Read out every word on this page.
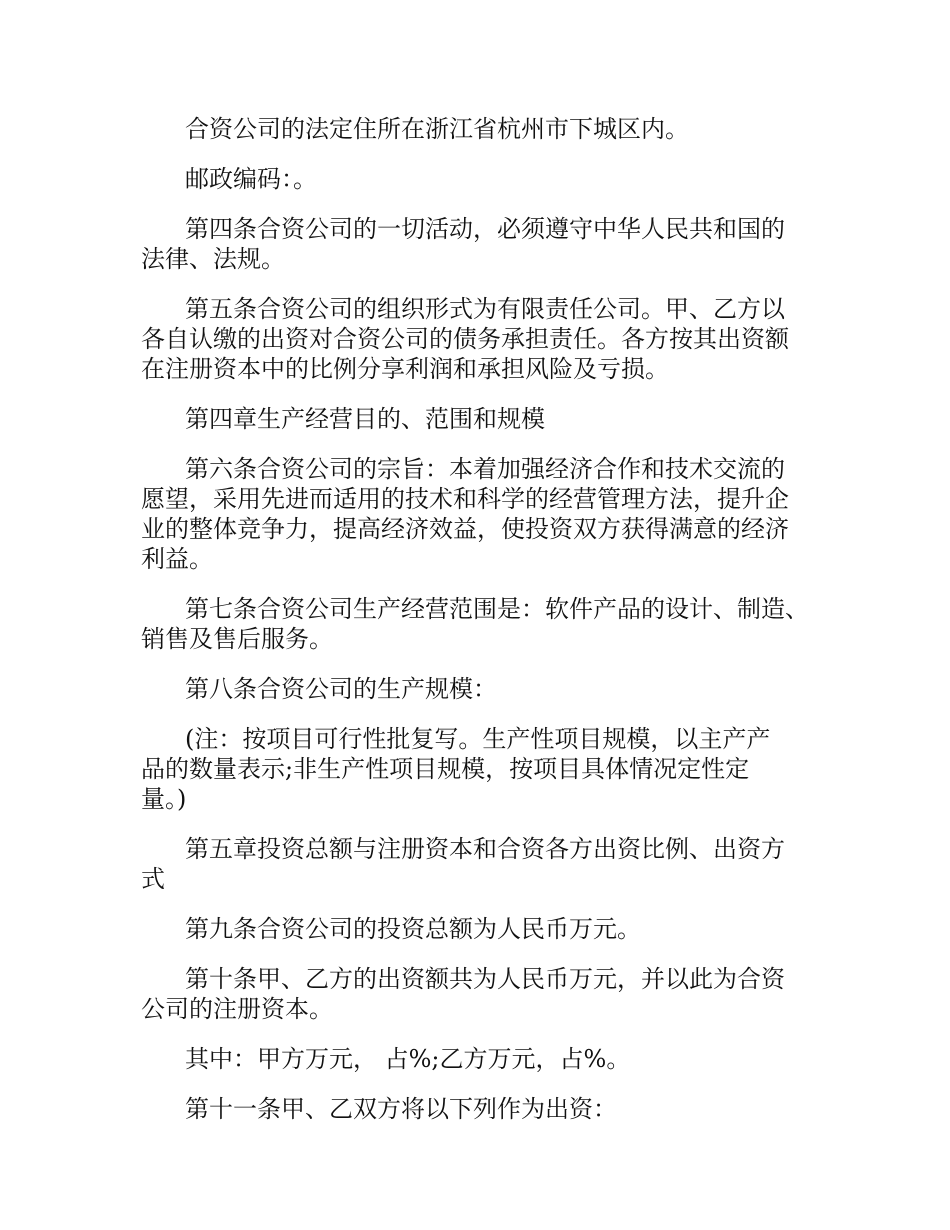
合资公司的法定住所在浙江省杭州市下城区内。

邮政编码：。

第四条合资公司的一切活动，必须遵守中华人民共和国的
法律、法规。

第五条合资公司的组织形式为有限责任公司。甲、乙方以
各自认缴的出资对合资公司的债务承担责任。各方按其出资额
在注册资本中的比例分享利润和承担风险及亏损。

第四章生产经营目的、范围和规模

第六条合资公司的宗旨：本着加强经济合作和技术交流的
愿望，采用先进而适用的技术和科学的经营管理方法，提升企
业的整体竞争力，提高经济效益，使投资双方获得满意的经济
利益。

第七条合资公司生产经营范围是：软件产品的设计、制造、
销售及售后服务。

第八条合资公司的生产规模：

(注：按项目可行性批复写。生产性项目规模，以主产产
品的数量表示;非生产性项目规模，按项目具体情况定性定
量。)

第五章投资总额与注册资本和合资各方出资比例、出资方
式

第九条合资公司的投资总额为人民币万元。

第十条甲、乙方的出资额共为人民币万元，并以此为合资
公司的注册资本。

其中：甲方万元， 占%;乙方万元，占%。

第十一条甲、乙双方将以下列作为出资：
